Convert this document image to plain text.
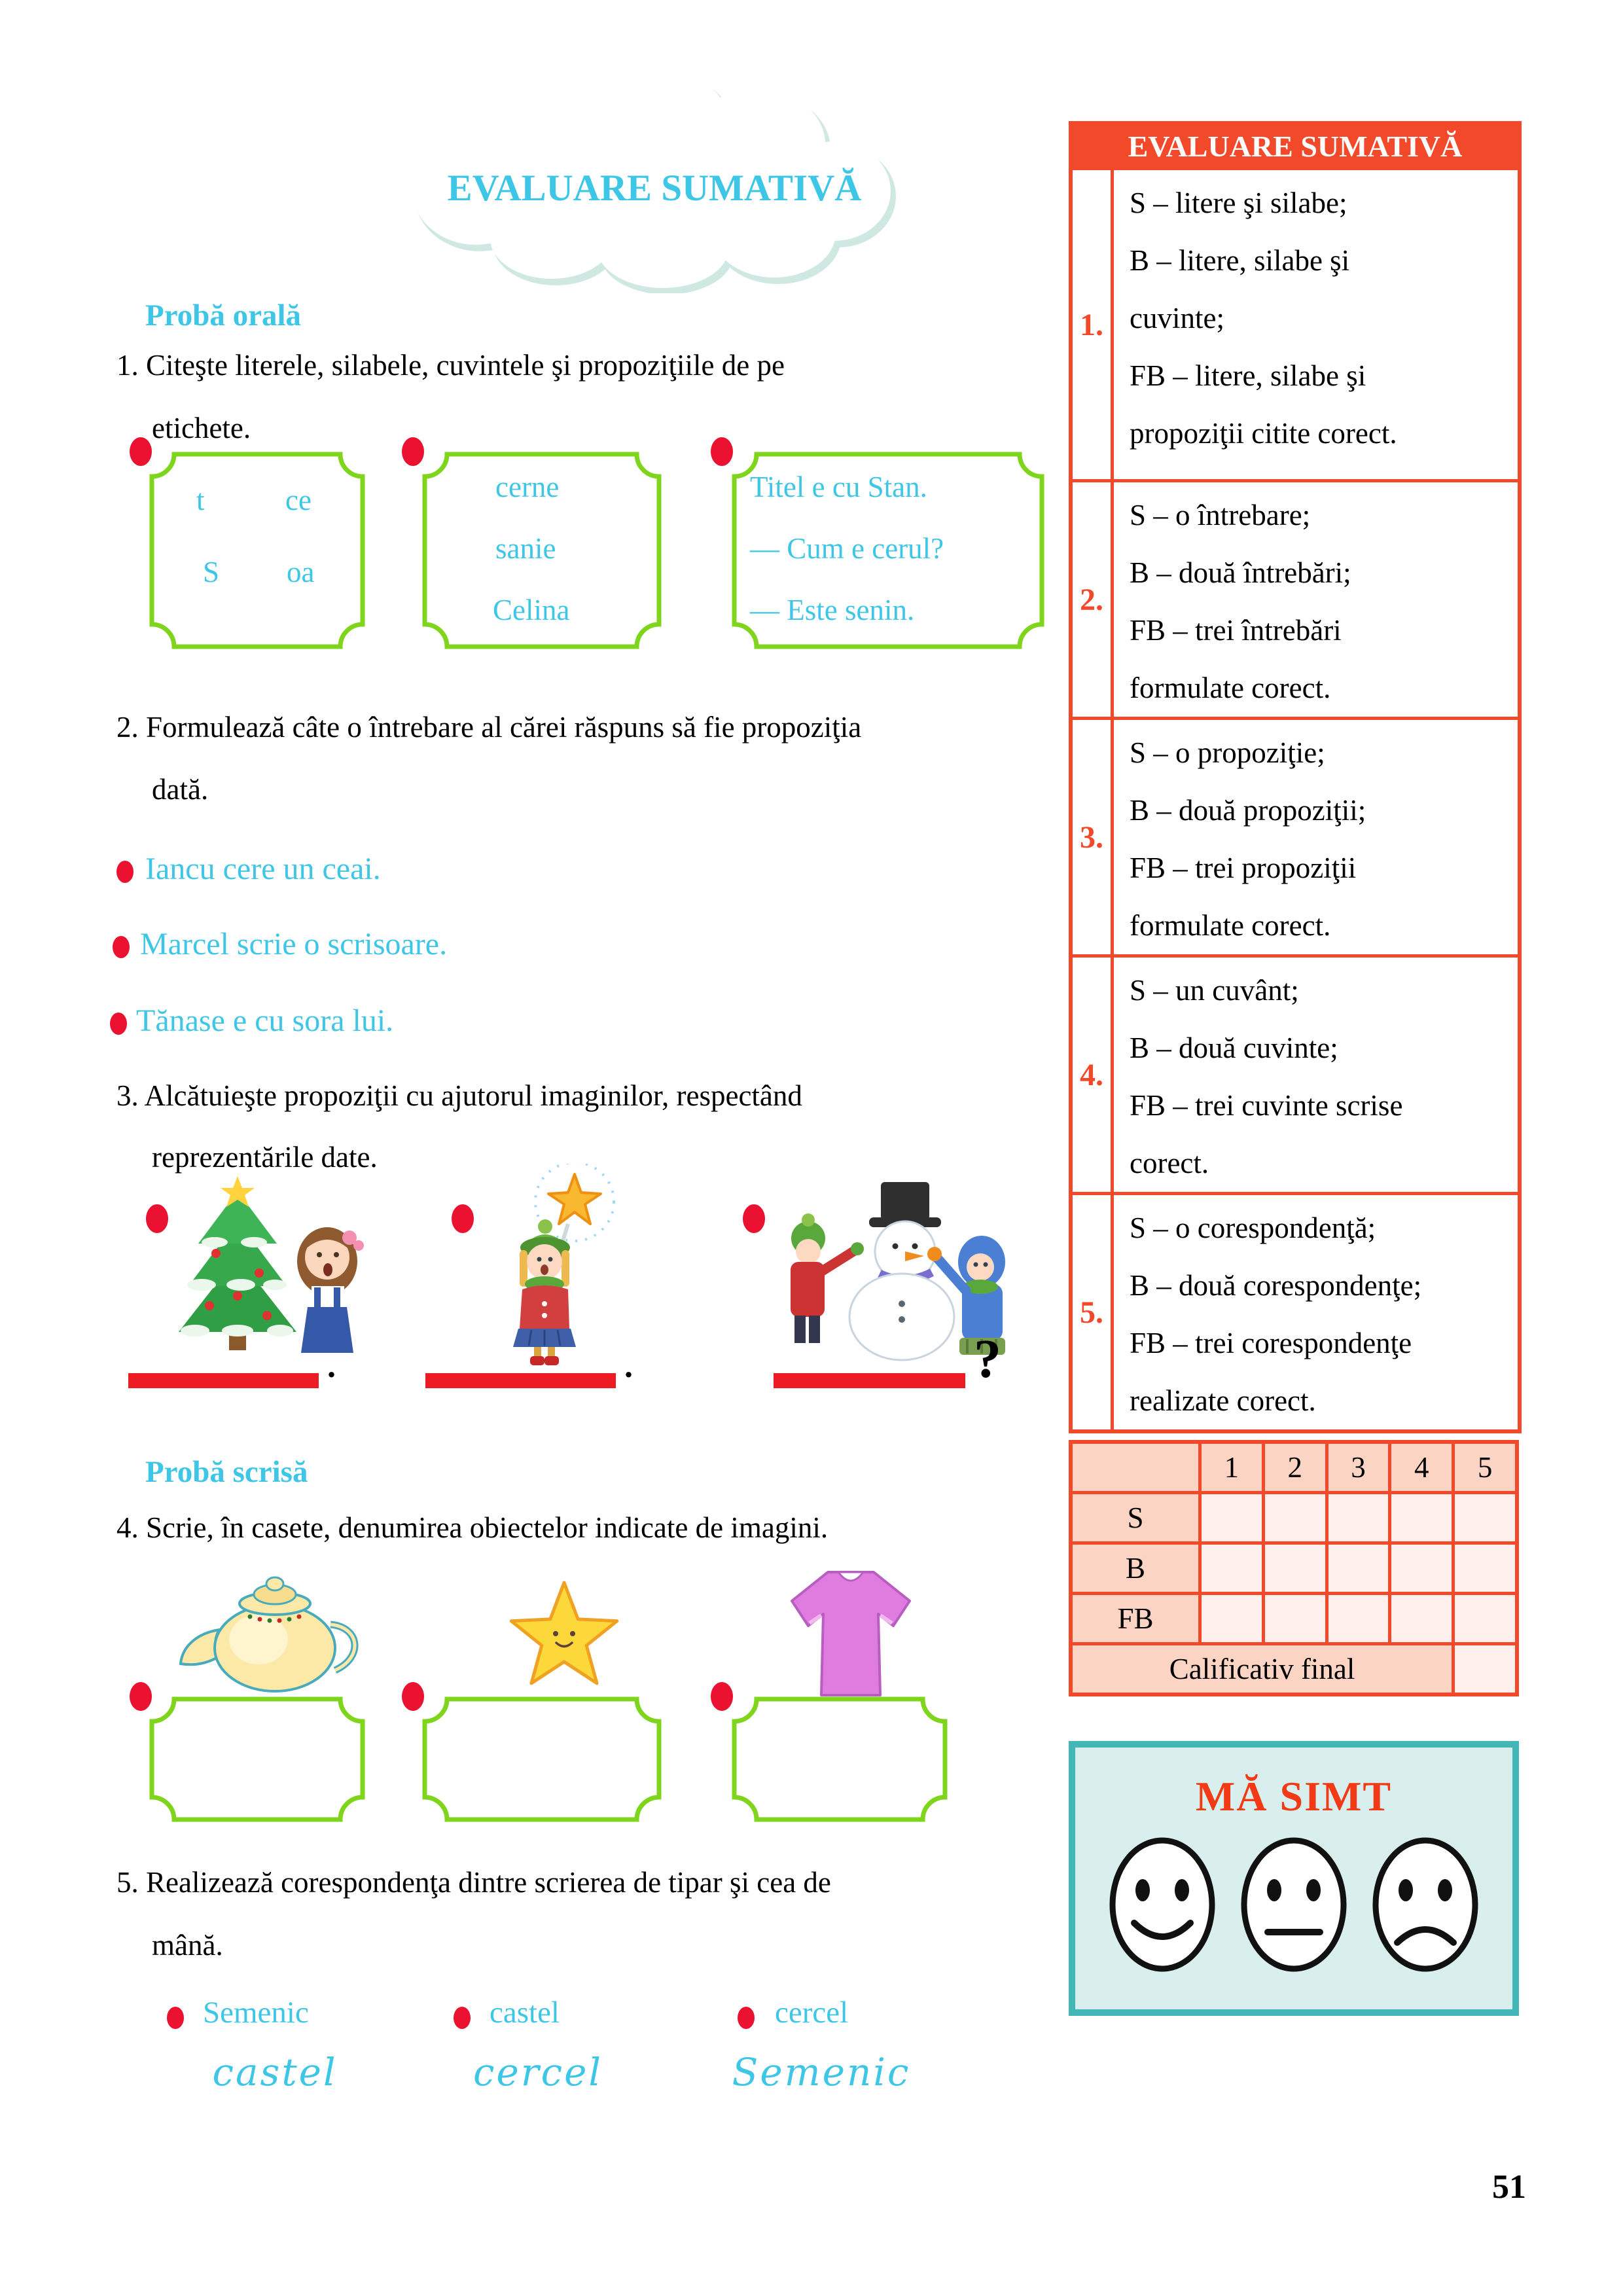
EVALUARE SUMATIVĂ
Probă orală
1. Citeşte literele, silabele, cuvintele şi propoziţiile de pe
etichete.
t	ce
S oa
cerne
sanie
Celina
Titel e cu Stan.
— Cum e cerul?
— Este senin.
2. Formulează câte o întrebare al cărei răspuns să fie propoziţia
dată.
Iancu cere un ceai.
Marcel scrie o scrisoare.
Tănase e cu sora lui.
3. Alcătuieşte propoziţii cu ajutorul imaginilor, respectând
reprezentările date.
.	.	?
Probă scrisă
4. Scrie, în casete, denumirea obiectelor indicate de imagini.
5. Realizează corespondenţa dintre scrierea de tipar şi cea de
mână.
Semenic	castel	cercel
castel	cercel	Semenic
EVALUARE SUMATIVĂ
1.
S – litere şi silabe;
B – litere, silabe şi
cuvinte;
FB – litere, silabe şi
propoziţii citite corect.
2.
S – o întrebare;
B – două întrebări;
FB – trei întrebări
formulate corect.
3.
S – o propoziţie;
B – două propoziţii;
FB – trei propoziţii
formulate corect.
4.
S – un cuvânt;
B – două cuvinte;
FB – trei cuvinte scrise
corect.
5.
S – o corespondenţă;
B – două corespondenţe;
FB – trei corespondenţe
realizate corect.
1	2	3	4	5
S
B
FB
Calificativ final
MĂ SIMT
51
